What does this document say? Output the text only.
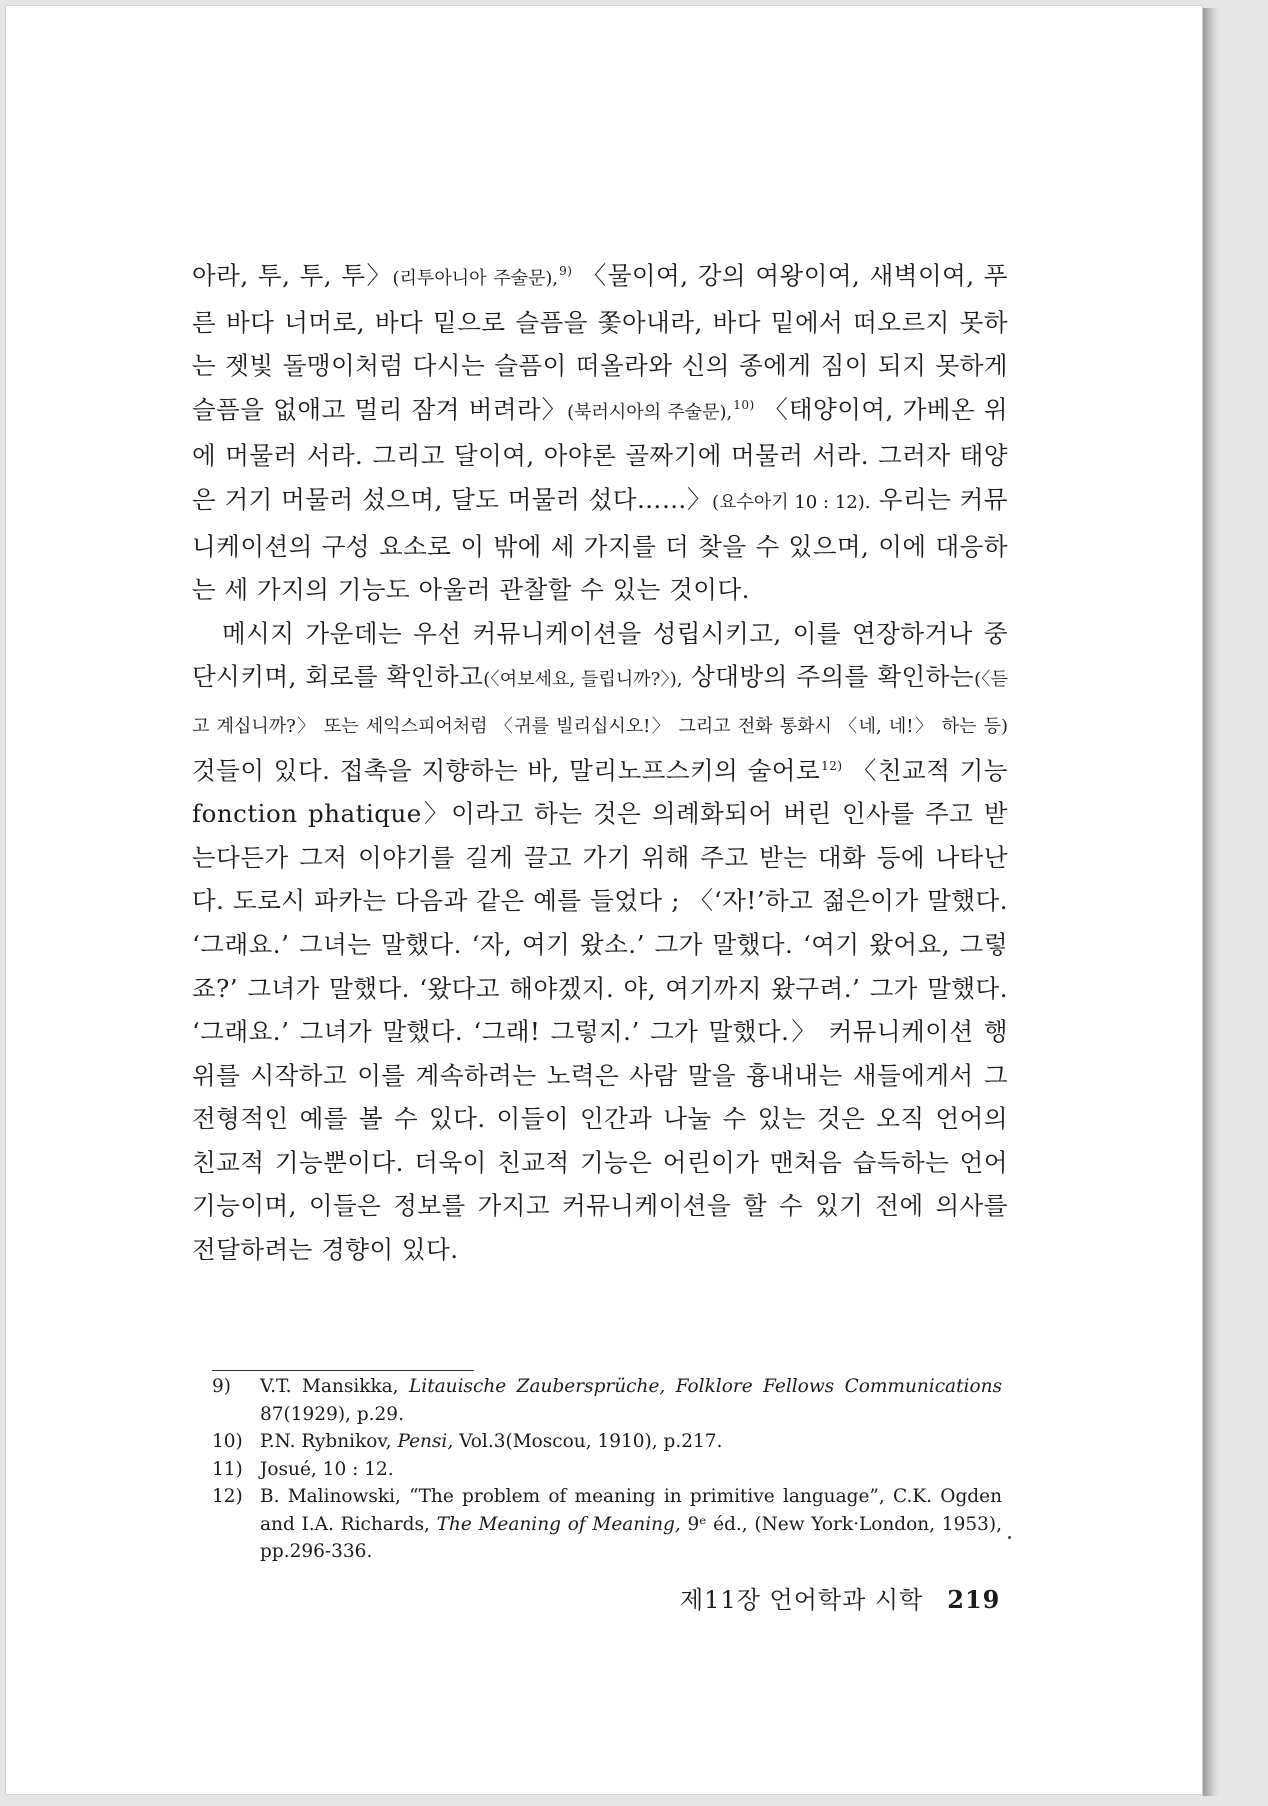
아라, 투, 투, 투〉(리투아니아 주술문),$^{9)}$ 〈물이여, 강의 여왕이여, 새벽이여, 푸른 바다 너머로, 바다 밑으로 슬픔을 쫓아내라, 바다 밑에서 떠오르지 못하는 젯빛 돌맹이처럼 다시는 슬픔이 떠올라와 신의 종에게 짐이 되지 못하게 슬픔을 없애고 멀리 잠겨 버려라〉(북러시아의 주술문),$^{10)}$ 〈태양이여, 가베온 위에 머물러 서라. 그리고 달이여, 아야론 골짜기에 머물러 서라. 그러자 태양은 거기 머물러 섰으며, 달도 머물러 섰다……〉(요수아기 10 : 12). 우리는 커뮤니케이션의 구성 요소로 이 밖에 세 가지를 더 찾을 수 있으며, 이에 대응하는 세 가지의 기능도 아울러 관찰할 수 있는 것이다.

메시지 가운데는 우선 커뮤니케이션을 성립시키고, 이를 연장하거나 중단시키며, 회로를 확인하고(〈여보세요, 들립니까?〉), 상대방의 주의를 확인하는(〈듣고 계십니까?〉 또는 세익스피어처럼 〈귀를 빌리십시오!〉 그리고 전화 통화시 〈네, 네!〉 하는 등) 것들이 있다. 접촉을 지향하는 바, 말리노프스키의 술어로$^{12)}$ 〈친교적 기능 fonction phatique〉이라고 하는 것은 의례화되어 버린 인사를 주고 받는다든가 그저 이야기를 길게 끌고 가기 위해 주고 받는 대화 등에 나타난다. 도로시 파카는 다음과 같은 예를 들었다 ; 〈‘자!’하고 젊은이가 말했다. ‘그래요.’ 그녀는 말했다. ‘자, 여기 왔소.’ 그가 말했다. ‘여기 왔어요, 그렇죠?’ 그녀가 말했다. ‘왔다고 해야겠지. 야, 여기까지 왔구려.’ 그가 말했다. ‘그래요.’ 그녀가 말했다. ‘그래! 그렇지.’ 그가 말했다.〉 커뮤니케이션 행위를 시작하고 이를 계속하려는 노력은 사람 말을 흉내내는 새들에게서 그 전형적인 예를 볼 수 있다. 이들이 인간과 나눌 수 있는 것은 오직 언어의 친교적 기능뿐이다. 더욱이 친교적 기능은 어린이가 맨처음 습득하는 언어 기능이며, 이들은 정보를 가지고 커뮤니케이션을 할 수 있기 전에 의사를 전달하려는 경향이 있다.

9)	V.T. Mansikka, Litauische Zaubersprüche, Folklore Fellows Communications 87(1929), p.29.
10) P.N. Rybnikov, Pensi, Vol.3(Moscou, 1910), p.217.
11) Josué, 10 : 12.
12) B. Malinowski, “The problem of meaning in primitive language”, C.K. Ogden and I.A. Richards, The Meaning of Meaning, 9ᵉ éd., (New York·London, 1953), pp.296-336.
제11장 언어학과 시학 219
